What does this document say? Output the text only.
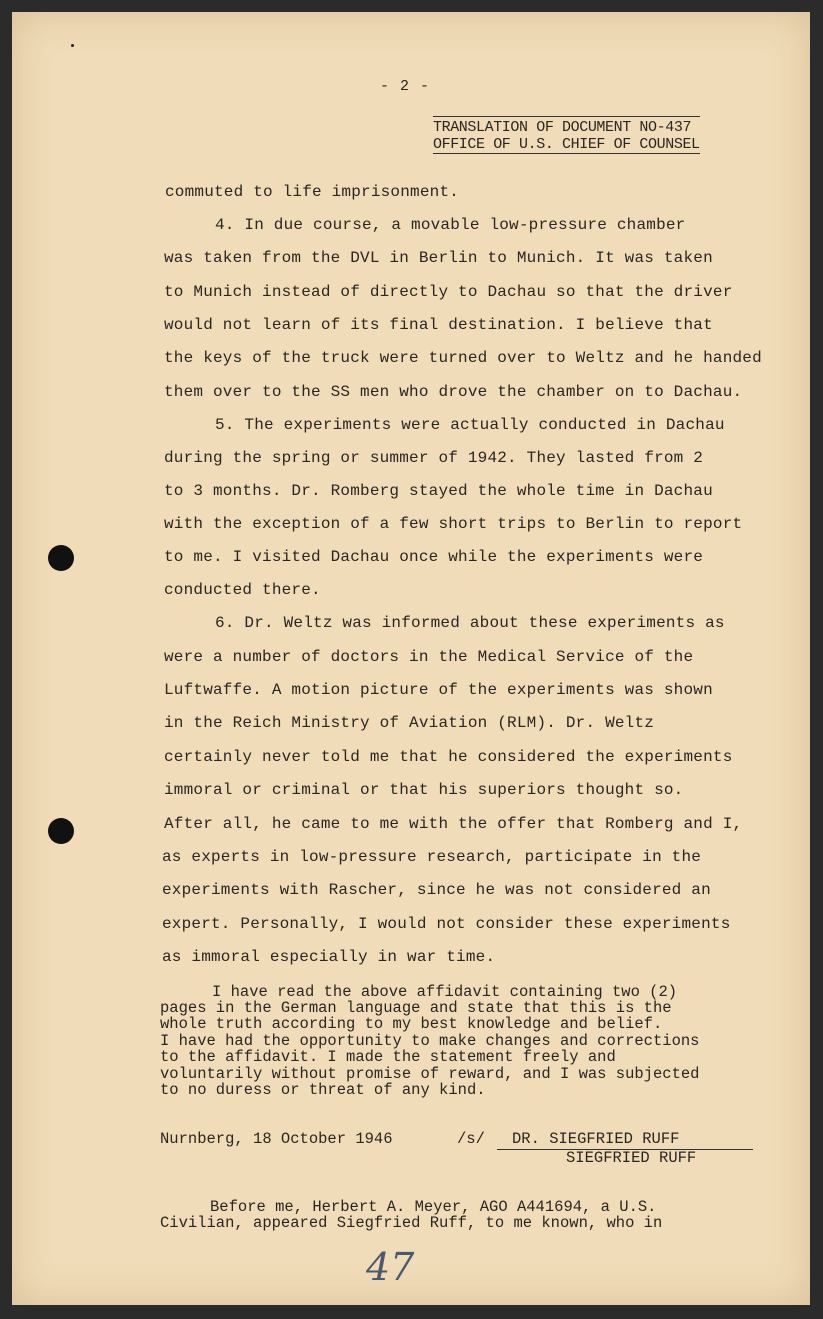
- 2 -
TRANSLATION OF DOCUMENT NO-437
OFFICE OF U.S. CHIEF OF COUNSEL
commuted to life imprisonment.
4. In due course, a movable low-pressure chamber
was taken from the DVL in Berlin to Munich. It was taken
to Munich instead of directly to Dachau so that the driver
would not learn of its final destination. I believe that
the keys of the truck were turned over to Weltz and he handed
them over to the SS men who drove the chamber on to Dachau.
5. The experiments were actually conducted in Dachau
during the spring or summer of 1942. They lasted from 2
to 3 months. Dr. Romberg stayed the whole time in Dachau
with the exception of a few short trips to Berlin to report
to me. I visited Dachau once while the experiments were
conducted there.
6. Dr. Weltz was informed about these experiments as
were a number of doctors in the Medical Service of the
Luftwaffe. A motion picture of the experiments was shown
in the Reich Ministry of Aviation (RLM). Dr. Weltz
certainly never told me that he considered the experiments
immoral or criminal or that his superiors thought so.
After all, he came to me with the offer that Romberg and I,
as experts in low-pressure research, participate in the
experiments with Rascher, since he was not considered an
expert. Personally, I would not consider these experiments
as immoral especially in war time.
I have read the above affidavit containing two (2)
pages in the German language and state that this is the
whole truth according to my best knowledge and belief.
I have had the opportunity to make changes and corrections
to the affidavit. I made the statement freely and
voluntarily without promise of reward, and I was subjected
to no duress or threat of any kind.
Nurnberg, 18 October 1946	/s/ DR. SIEGFRIED RUFF
SIEGFRIED RUFF
Before me, Herbert A. Meyer, AGO A441694, a U.S.
Civilian, appeared Siegfried Ruff, to me known, who in
47
